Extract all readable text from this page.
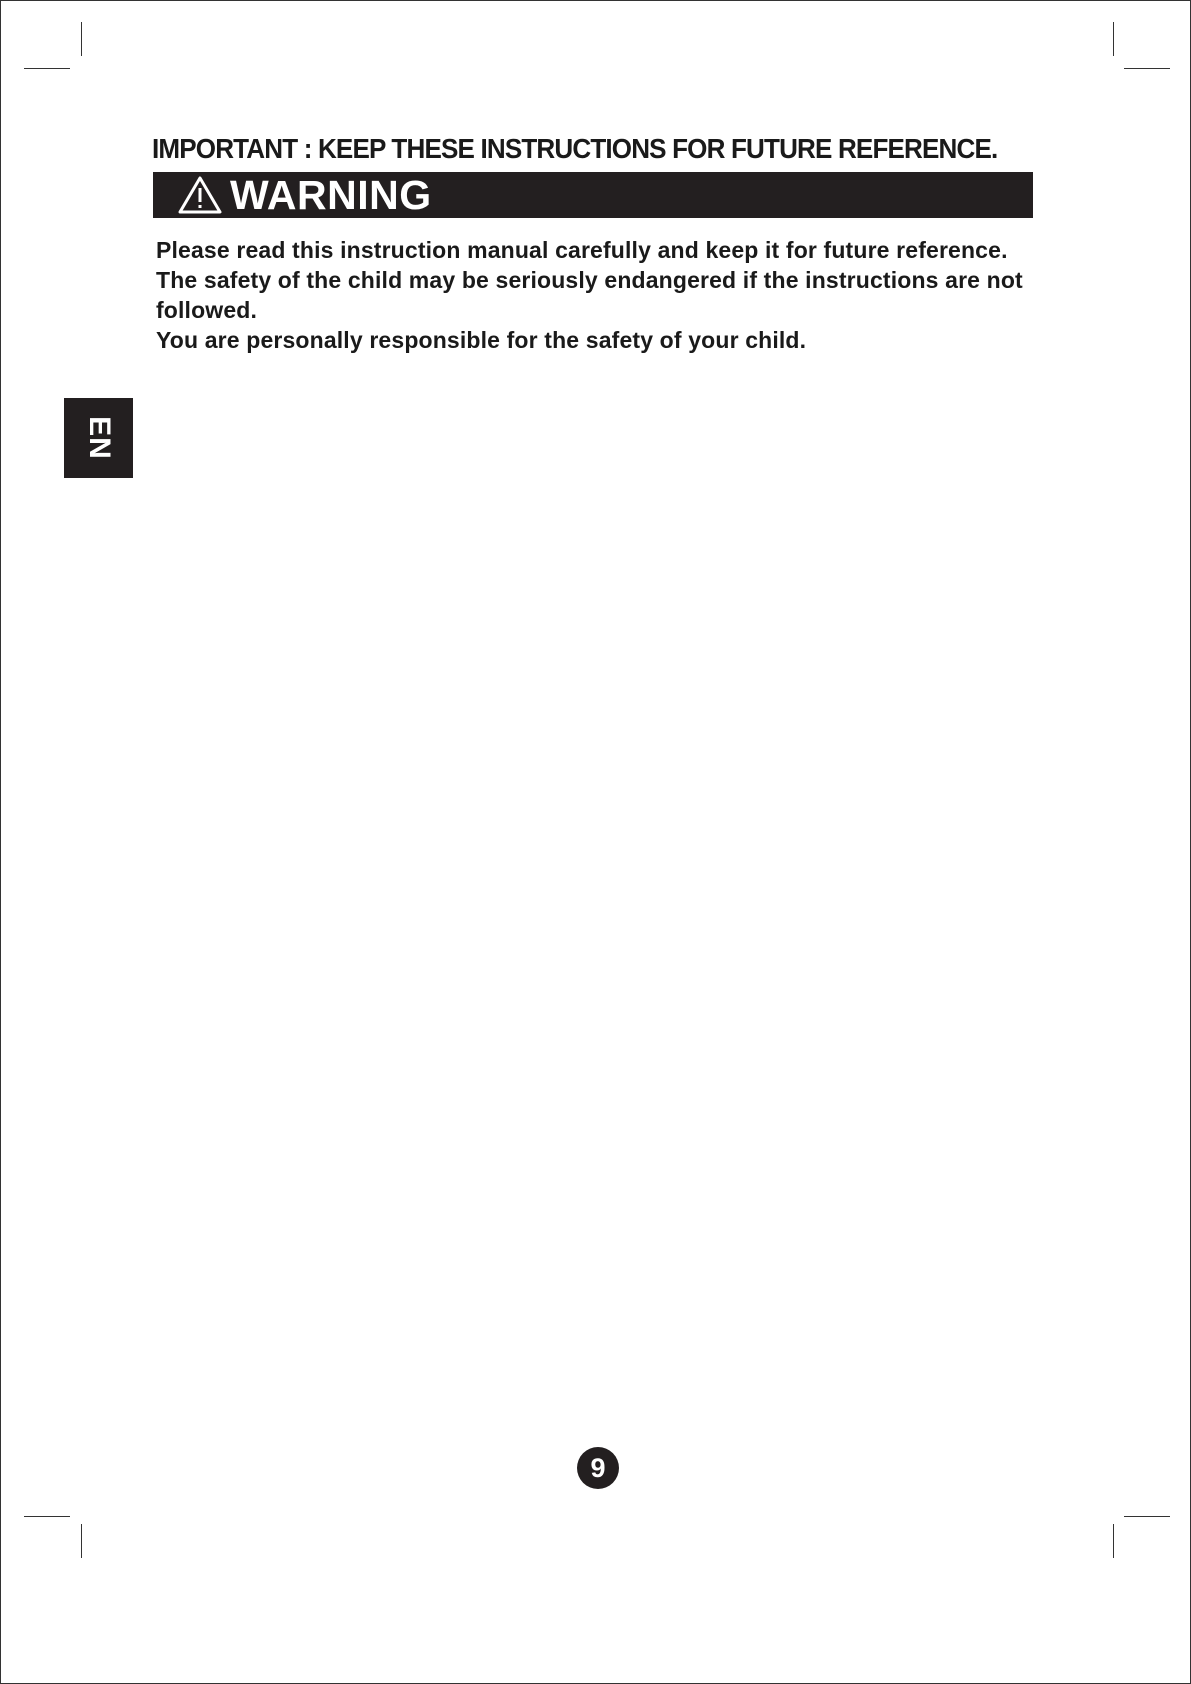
IMPORTANT : KEEP THESE INSTRUCTIONS FOR FUTURE REFERENCE.
WARNING

Please read this instruction manual carefully and keep it for future reference.

The safety of the child may be seriously endangered if the instructions are not followed.

You are personally responsible for the safety of your child.

EN
9
